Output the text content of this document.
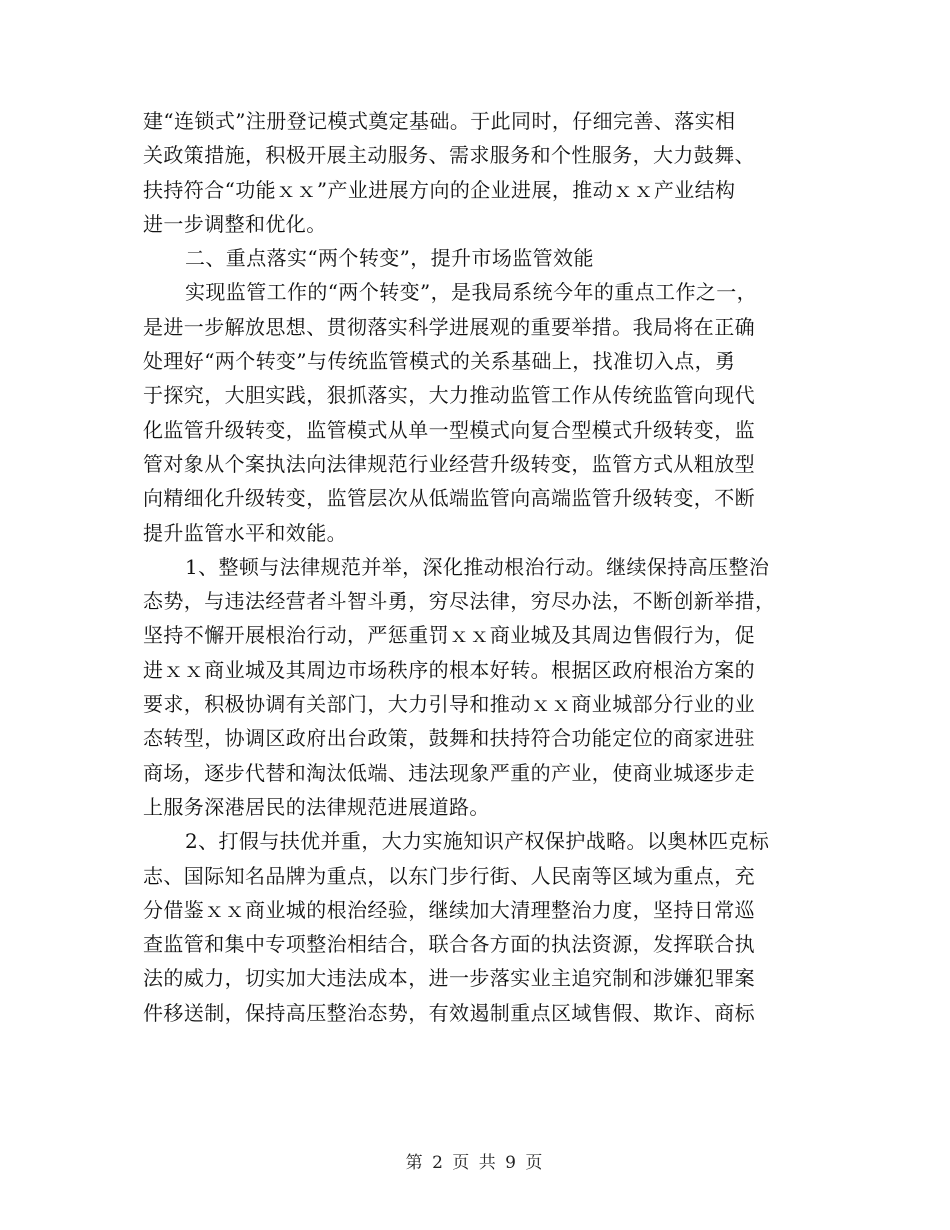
建“连锁式”注册登记模式奠定基础。于此同时，仔细完善、落实相
关政策措施，积极开展主动服务、需求服务和个性服务，大力鼓舞、
扶持符合“功能ｘｘ”产业进展方向的企业进展，推动ｘｘ产业结构
进一步调整和优化。
二、重点落实“两个转变”，提升市场监管效能
实现监管工作的“两个转变”，是我局系统今年的重点工作之一，
是进一步解放思想、贯彻落实科学进展观的重要举措。我局将在正确
处理好“两个转变”与传统监管模式的关系基础上，找准切入点，勇
于探究，大胆实践，狠抓落实，大力推动监管工作从传统监管向现代
化监管升级转变，监管模式从单一型模式向复合型模式升级转变，监
管对象从个案执法向法律规范行业经营升级转变，监管方式从粗放型
向精细化升级转变，监管层次从低端监管向高端监管升级转变，不断
提升监管水平和效能。
1、整顿与法律规范并举，深化推动根治行动。继续保持高压整治
态势，与违法经营者斗智斗勇，穷尽法律，穷尽办法，不断创新举措，
坚持不懈开展根治行动，严惩重罚ｘｘ商业城及其周边售假行为，促
进ｘｘ商业城及其周边市场秩序的根本好转。根据区政府根治方案的
要求，积极协调有关部门，大力引导和推动ｘｘ商业城部分行业的业
态转型，协调区政府出台政策，鼓舞和扶持符合功能定位的商家进驻
商场，逐步代替和淘汰低端、违法现象严重的产业，使商业城逐步走
上服务深港居民的法律规范进展道路。
2、打假与扶优并重，大力实施知识产权保护战略。以奥林匹克标
志、国际知名品牌为重点，以东门步行街、人民南等区域为重点，充
分借鉴ｘｘ商业城的根治经验，继续加大清理整治力度，坚持日常巡
查监管和集中专项整治相结合，联合各方面的执法资源，发挥联合执
法的威力，切实加大违法成本，进一步落实业主追究制和涉嫌犯罪案
件移送制，保持高压整治态势，有效遏制重点区域售假、欺诈、商标
第 2 页 共 9 页
